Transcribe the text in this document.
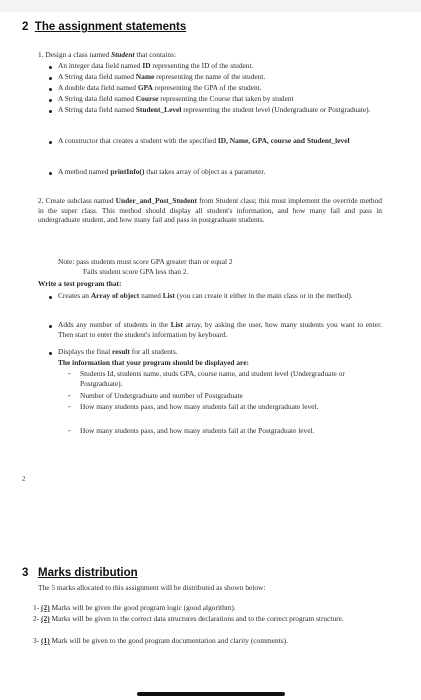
2 The assignment statements
1. Design a class named Student that contains:
An integer data field named ID representing the ID of the student.
A String data field named Name representing the name of the student.
A double data field named GPA representing the GPA of the student.
A String data field named Course representing the Course that taken by student
A String data field named Student_Level representing the student level (Undergraduate or Postgraduate).
A constructor that creates a student with the specified ID, Name, GPA, course and Student_level
A method named printInfo() that takes array of object as a parameter.
2. Create subclass named Under_and_Post_Student from Student class; this must implement the override method in the super class. This method should display all student's information, and how many fail and pass in undergraduate student, and how many fail and pass in postgraduate students.
Note: pass students must score GPA greater than or equal 2
Fails student score GPA less than 2.
Write a test program that:
Creates an Array of object named List (you can create it either in the main class or in the method).
Adds any number of students in the List array, by asking the user, how many students you want to enter. Then start to enter the student's information by keyboard.
Displays the final result for all students.
The information that your program should be displayed are:
- Students Id, students name, studs GPA, course name, and student level (Undergraduate or Postgraduate).
- Number of Undergraduate and number of Postgraduate
- How many students pass, and how many students fail at the undergraduate level.
- How many students pass, and how many students fail at the Postgraduate level.
2
3 Marks distribution
The 5 marks allocated to this assignment will be distributed as shown below:
1- (2) Marks will be given the good program logic (good algorithm).
2- (2) Marks will be given to the correct data structures declarations and to the correct program structure.
3- (1) Mark will be given to the good program documentation and clarity (comments).
